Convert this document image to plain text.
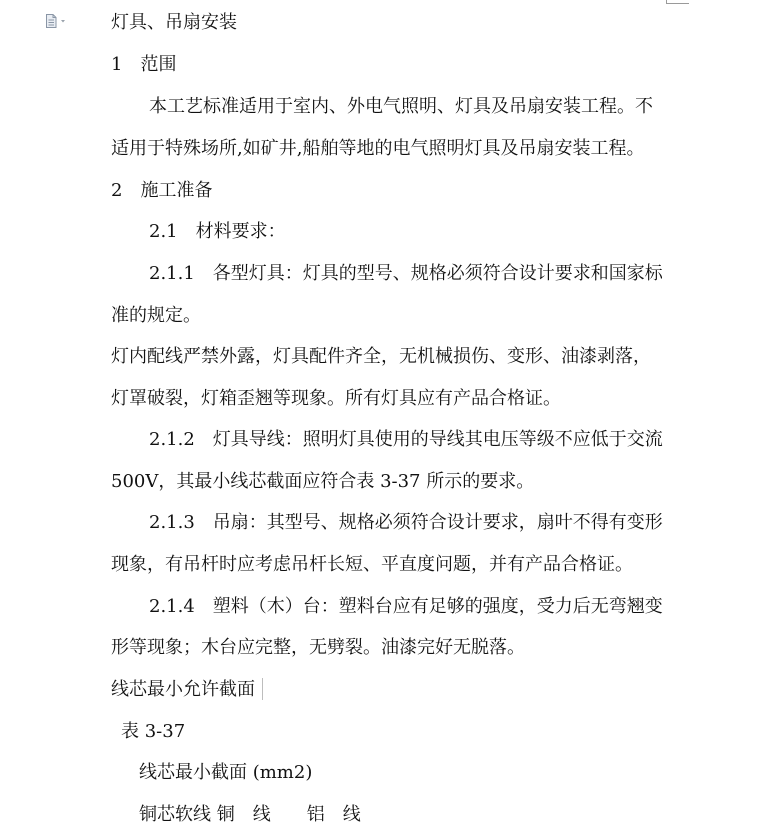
灯具、吊扇安装
1　范围
本工艺标准适用于室内、外电气照明、灯具及吊扇安装工程。不
适用于特殊场所,如矿井,船舶等地的电气照明灯具及吊扇安装工程。
2　施工准备
2.1　材料要求：
2.1.1　各型灯具：灯具的型号、规格必须符合设计要求和国家标
准的规定。
灯内配线严禁外露，灯具配件齐全，无机械损伤、变形、油漆剥落，
灯罩破裂，灯箱歪翘等现象。所有灯具应有产品合格证。
2.1.2　灯具导线：照明灯具使用的导线其电压等级不应低于交流
500V，其最小线芯截面应符合表 3-37 所示的要求。
2.1.3　吊扇：其型号、规格必须符合设计要求，扇叶不得有变形
现象，有吊杆时应考虑吊杆长短、平直度问题，并有产品合格证。
2.1.4　塑料（木）台：塑料台应有足够的强度，受力后无弯翘变
形等现象；木台应完整，无劈裂。油漆完好无脱落。
线芯最小允许截面
表 3-37
线芯最小截面 (mm2)
铜芯软线 铜　线　　铝　线
